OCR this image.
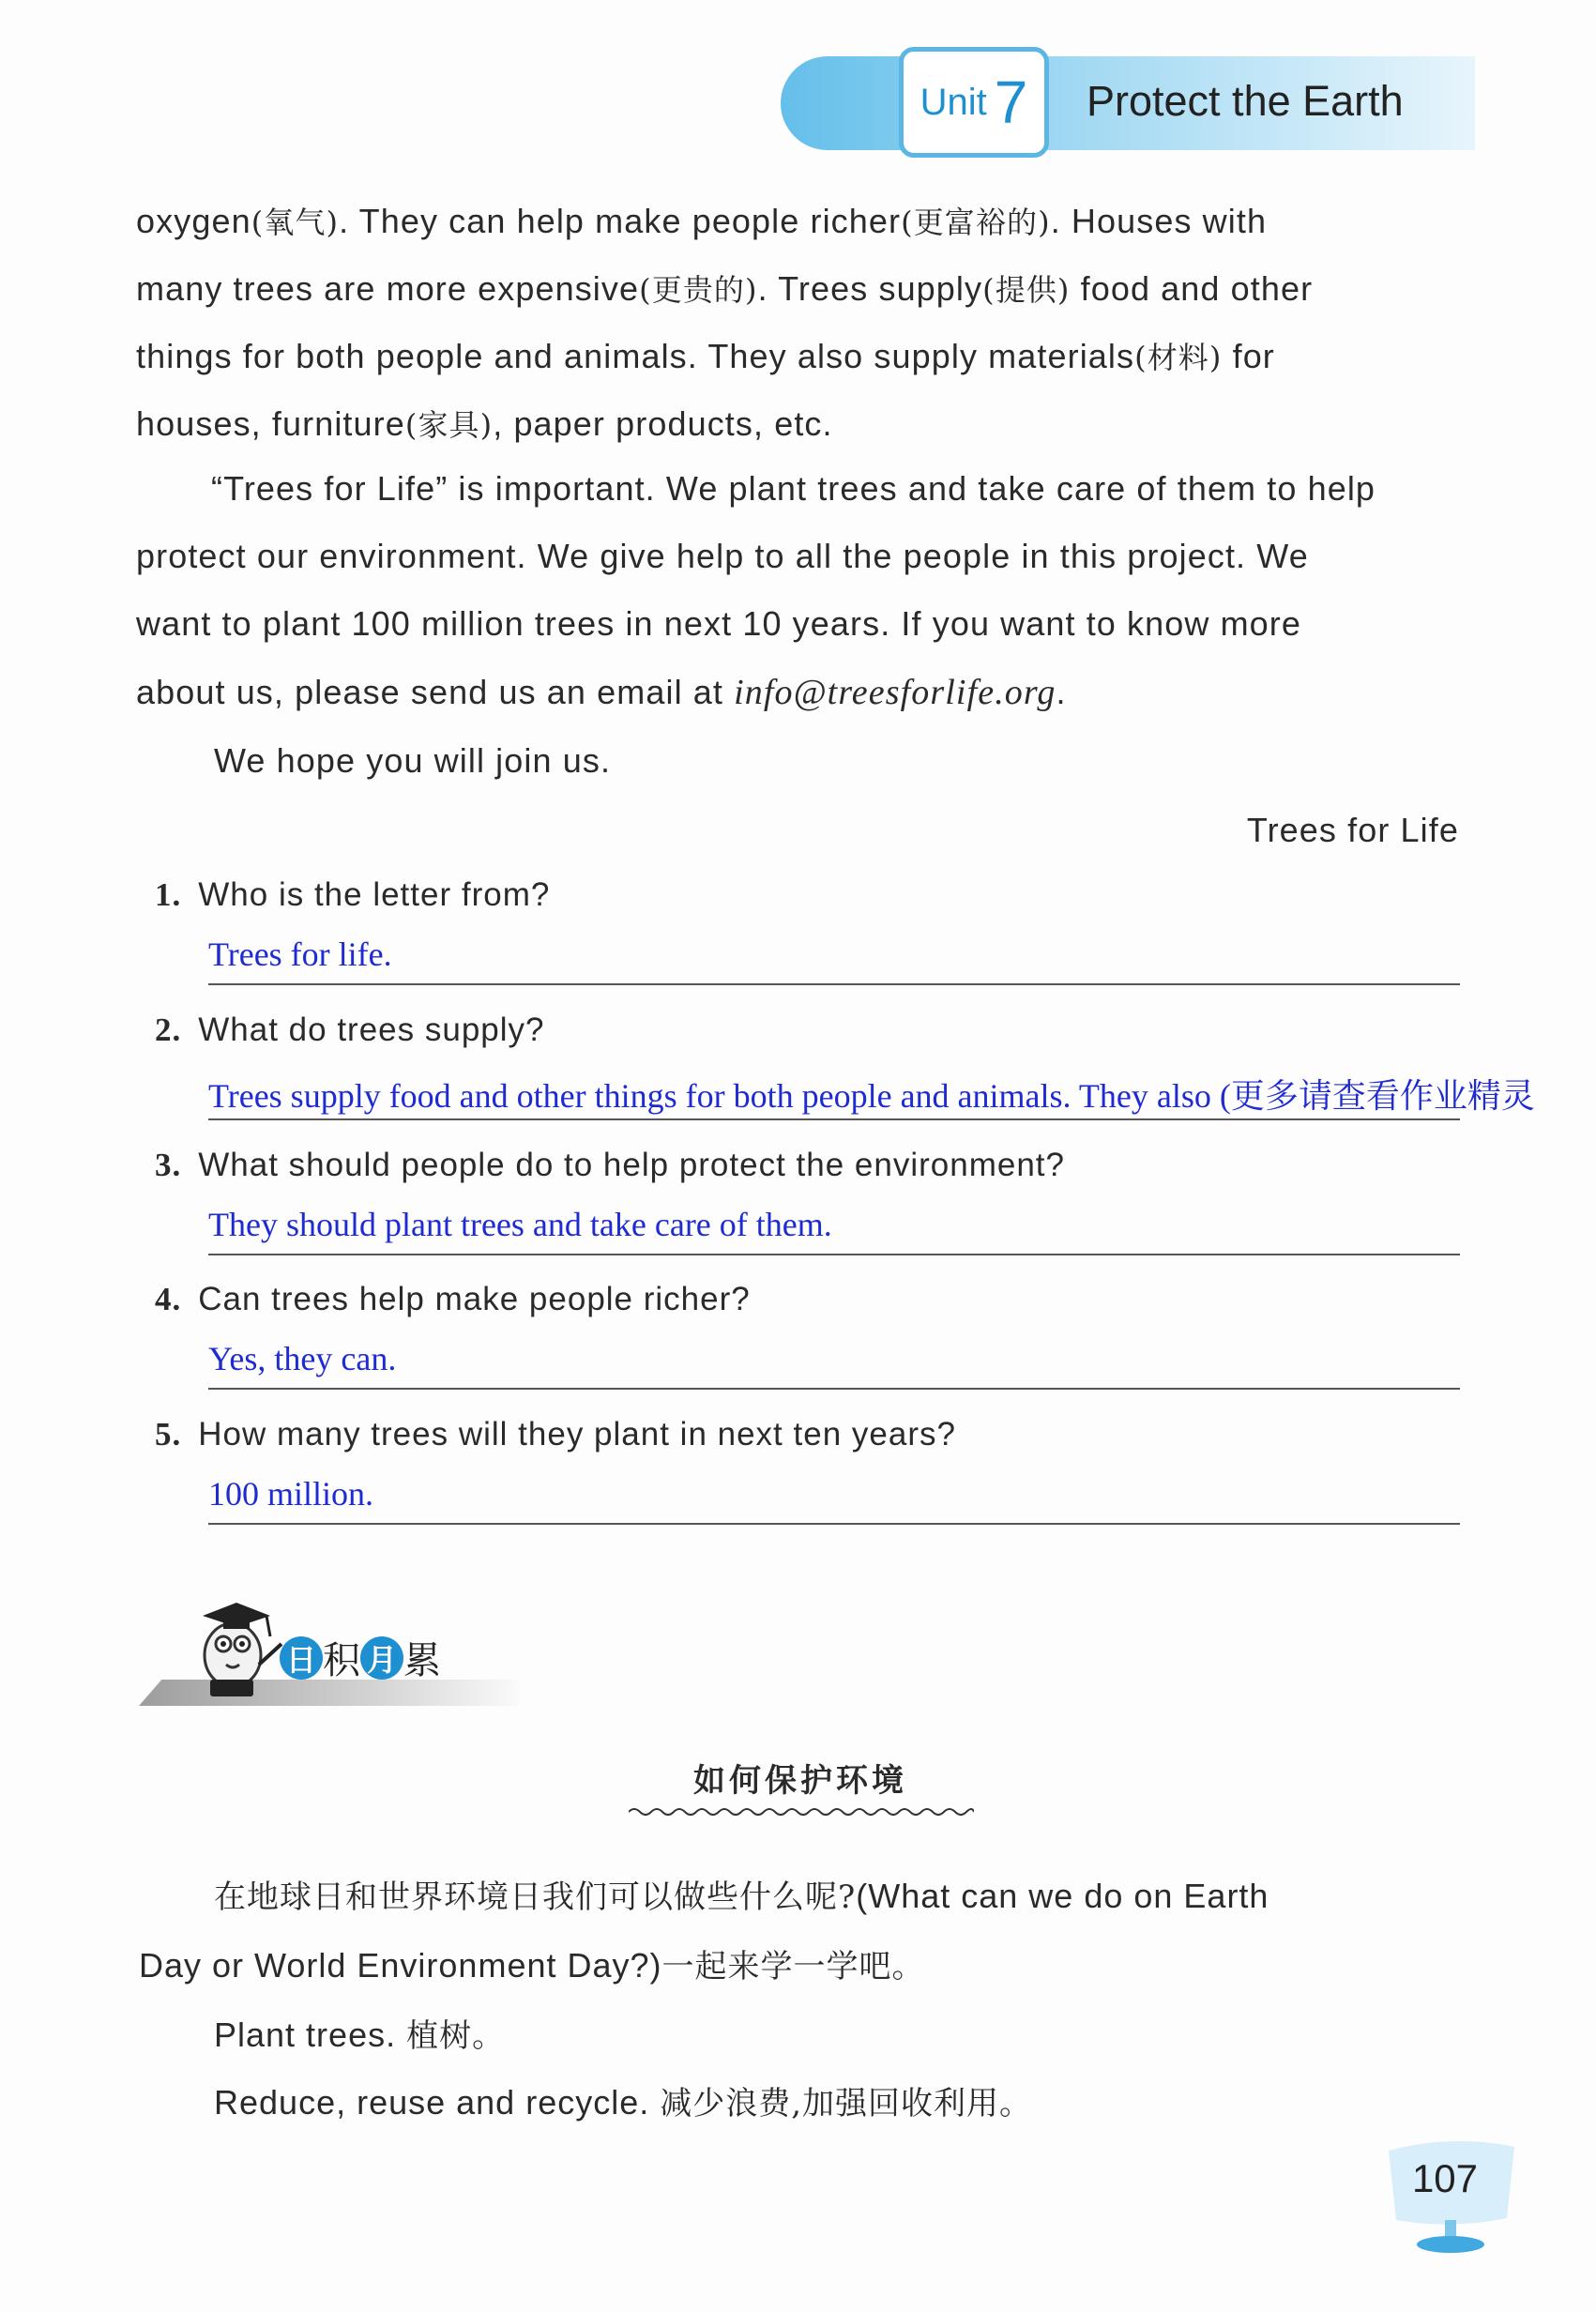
Unit 7 Protect the Earth
oxygen(氧气). They can help make people richer(更富裕的). Houses with
many trees are more expensive(更贵的). Trees supply(提供) food and other
things for both people and animals. They also supply materials(材料) for
houses, furniture(家具), paper products, etc.
“Trees for Life” is important. We plant trees and take care of them to help
protect our environment. We give help to all the people in this project. We
want to plant 100 million trees in next 10 years. If you want to know more
about us, please send us an email at info@treesforlife.org.
We hope you will join us.
Trees for Life
1. Who is the letter from?
Trees for life.
2. What do trees supply?
Trees supply food and other things for both people and animals. They also (更多请查看作业精灵
3. What should people do to help protect the environment?
They should plant trees and take care of them.
4. Can trees help make people richer?
Yes, they can.
5. How many trees will they plant in next ten years?
100 million.
日 积 月 累
如何保护环境
在地球日和世界环境日我们可以做些什么呢?(What can we do on Earth
Day or World Environment Day?)一起来学一学吧。
Plant trees. 植树。
Reduce, reuse and recycle. 减少浪费,加强回收利用。
107
